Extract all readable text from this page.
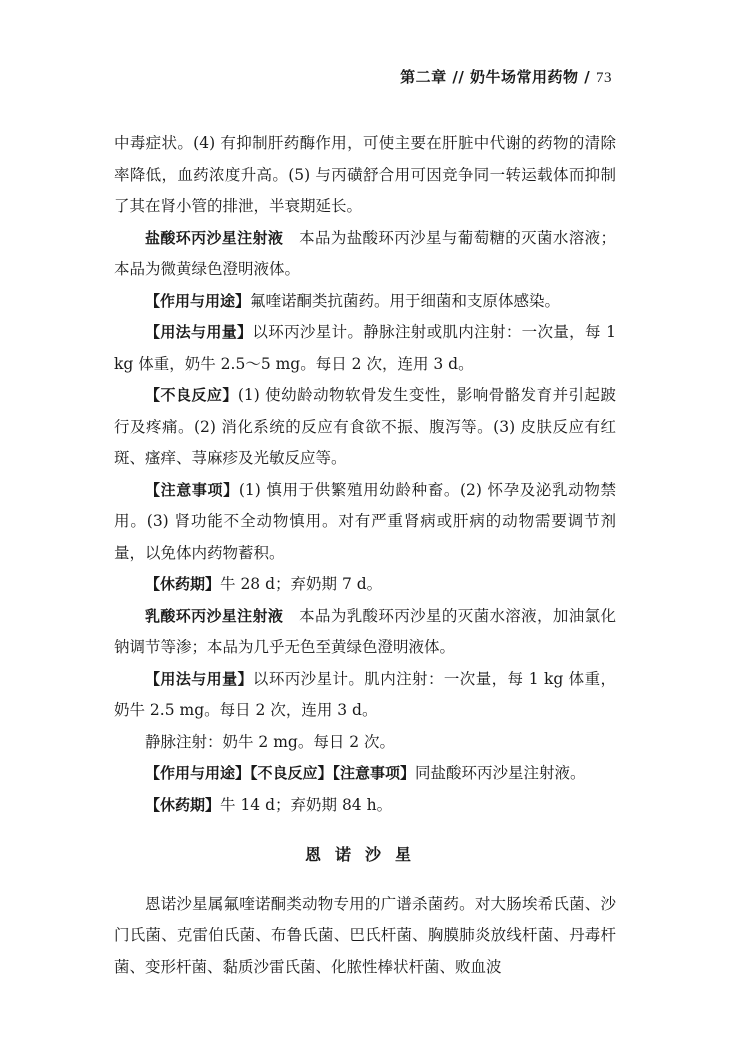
第二章 // 奶牛场常用药物 / 73

中毒症状。(4) 有抑制肝药酶作用，可使主要在肝脏中代谢的药物的清除率降低，血药浓度升高。(5) 与丙磺舒合用可因竞争同一转运载体而抑制了其在肾小管的排泄，半衰期延长。

盐酸环丙沙星注射液　本品为盐酸环丙沙星与葡萄糖的灭菌水溶液；本品为微黄绿色澄明液体。

【作用与用途】氟喹诺酮类抗菌药。用于细菌和支原体感染。

【用法与用量】以环丙沙星计。静脉注射或肌内注射：一次量，每 1 kg 体重，奶牛 2.5～5 mg。每日 2 次，连用 3 d。

【不良反应】(1) 使幼龄动物软骨发生变性，影响骨骼发育并引起跛行及疼痛。(2) 消化系统的反应有食欲不振、腹泻等。(3) 皮肤反应有红斑、瘙痒、荨麻疹及光敏反应等。

【注意事项】(1) 慎用于供繁殖用幼龄种畜。(2) 怀孕及泌乳动物禁用。(3) 肾功能不全动物慎用。对有严重肾病或肝病的动物需要调节剂量，以免体内药物蓄积。

【休药期】牛 28 d；弃奶期 7 d。

乳酸环丙沙星注射液　本品为乳酸环丙沙星的灭菌水溶液，加油氯化钠调节等渗；本品为几乎无色至黄绿色澄明液体。

【用法与用量】以环丙沙星计。肌内注射：一次量，每 1 kg 体重，奶牛 2.5 mg。每日 2 次，连用 3 d。

静脉注射：奶牛 2 mg。每日 2 次。

【作用与用途】【不良反应】【注意事项】同盐酸环丙沙星注射液。

【休药期】牛 14 d；弃奶期 84 h。

恩诺沙星

恩诺沙星属氟喹诺酮类动物专用的广谱杀菌药。对大肠埃希氏菌、沙门氏菌、克雷伯氏菌、布鲁氏菌、巴氏杆菌、胸膜肺炎放线杆菌、丹毒杆菌、变形杆菌、黏质沙雷氏菌、化脓性棒状杆菌、败血波
